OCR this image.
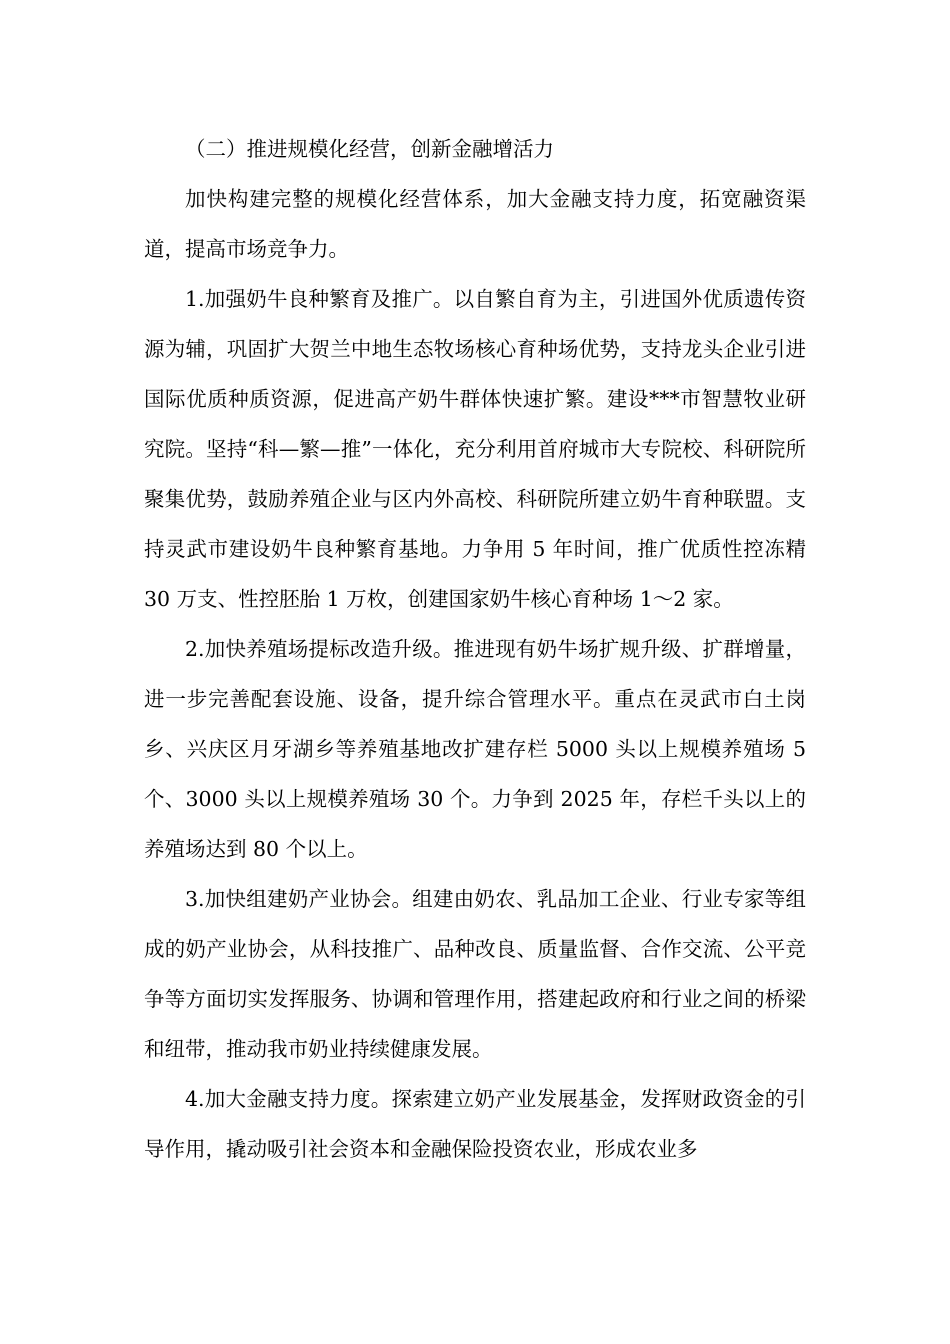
（二）推进规模化经营，创新金融增活力

加快构建完整的规模化经营体系，加大金融支持力度，拓宽融资渠道，提高市场竞争力。

1.加强奶牛良种繁育及推广。以自繁自育为主，引进国外优质遗传资源为辅，巩固扩大贺兰中地生态牧场核心育种场优势，支持龙头企业引进国际优质种质资源，促进高产奶牛群体快速扩繁。建设***市智慧牧业研究院。坚持“科—繁—推”一体化，充分利用首府城市大专院校、科研院所聚集优势，鼓励养殖企业与区内外高校、科研院所建立奶牛育种联盟。支持灵武市建设奶牛良种繁育基地。力争用 5 年时间，推广优质性控冻精 30 万支、性控胚胎 1 万枚，创建国家奶牛核心育种场 1～2 家。

2.加快养殖场提标改造升级。推进现有奶牛场扩规升级、扩群增量，进一步完善配套设施、设备，提升综合管理水平。重点在灵武市白土岗乡、兴庆区月牙湖乡等养殖基地改扩建存栏 5000 头以上规模养殖场 5 个、3000 头以上规模养殖场 30 个。力争到 2025 年，存栏千头以上的养殖场达到 80 个以上。

3.加快组建奶产业协会。组建由奶农、乳品加工企业、行业专家等组成的奶产业协会，从科技推广、品种改良、质量监督、合作交流、公平竞争等方面切实发挥服务、协调和管理作用，搭建起政府和行业之间的桥梁和纽带，推动我市奶业持续健康发展。

4.加大金融支持力度。探索建立奶产业发展基金，发挥财政资金的引导作用，撬动吸引社会资本和金融保险投资农业，形成农业多
